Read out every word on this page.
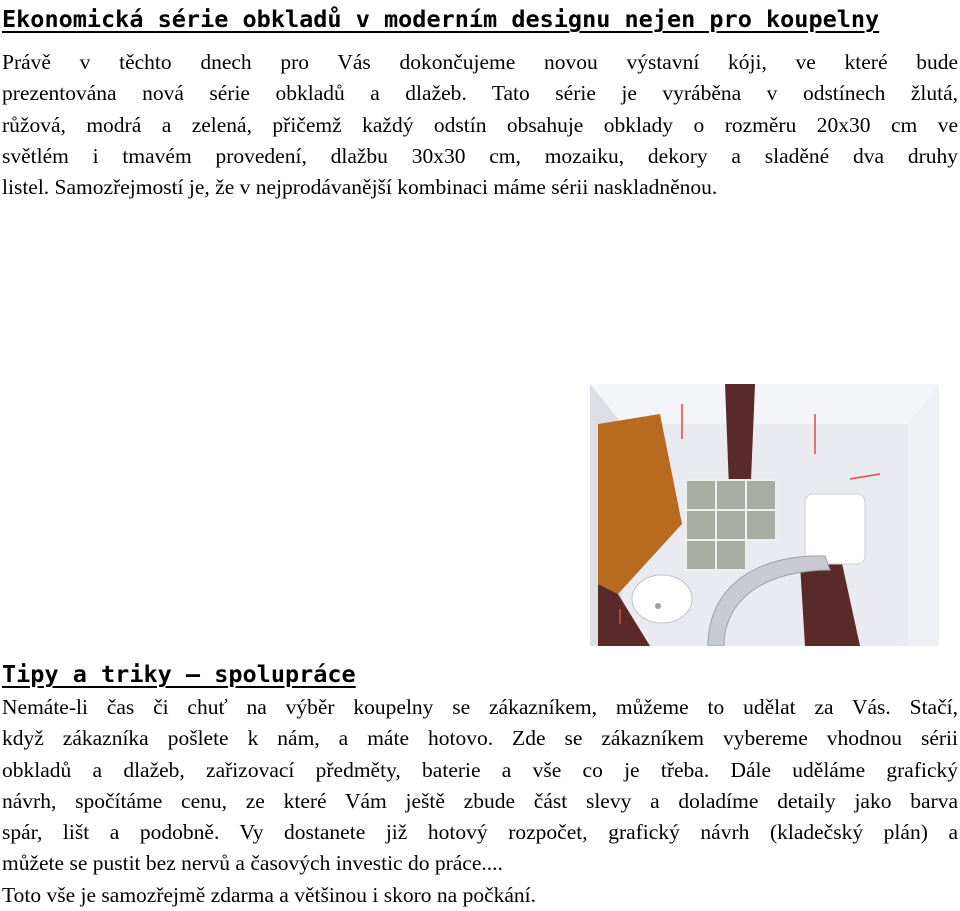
Ekonomická série obkladů v moderním designu nejen pro koupelny
Právě v těchto dnech pro Vás dokončujeme novou výstavní kóji, ve které bude
prezentována nová série obkladů a dlažeb. Tato série je vyráběna v odstínech žlutá,
růžová, modrá a zelená, přičemž každý odstín obsahuje obklady o rozměru 20x30 cm ve
světlém i tmavém provedení, dlažbu 30x30 cm, mozaiku, dekory a sladěné dva druhy
listel. Samozřejmostí je, že v nejprodávanější kombinaci máme sérii naskladněnou.
Tipy a triky – spolupráce
Nemáte-li čas či chuť na výběr koupelny se zákazníkem, můžeme to udělat za Vás. Stačí,
když zákazníka pošlete k nám, a máte hotovo. Zde se zákazníkem vybereme vhodnou sérii
obkladů a dlažeb, zařizovací předměty, baterie a vše co je třeba. Dále uděláme grafický
návrh, spočítáme cenu, ze které Vám ještě zbude část slevy a doladíme detaily jako barva
spár, lišt a podobně. Vy dostanete již hotový rozpočet, grafický návrh (kladečský plán) a
můžete se pustit bez nervů a časových investic do práce....
Toto vše je samozřejmě zdarma a většinou i skoro na počkání.
